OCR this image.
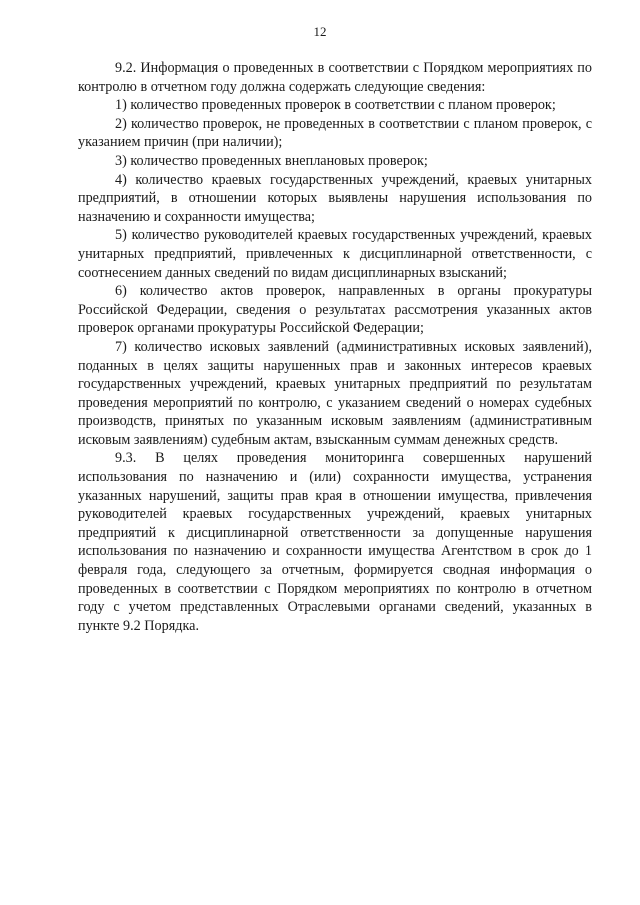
12

9.2. Информация о проведенных в соответствии с Порядком мероприятиях по контролю в отчетном году должна содержать следующие сведения:

1) количество проведенных проверок в соответствии с планом проверок;

2) количество проверок, не проведенных в соответствии с планом проверок, с указанием причин (при наличии);

3) количество проведенных внеплановых проверок;

4) количество краевых государственных учреждений, краевых унитарных предприятий, в отношении которых выявлены нарушения использования по назначению и сохранности имущества;

5) количество руководителей краевых государственных учреждений, краевых унитарных предприятий, привлеченных к дисциплинарной ответственности, с соотнесением данных сведений по видам дисциплинарных взысканий;

6) количество актов проверок, направленных в органы прокуратуры Российской Федерации, сведения о результатах рассмотрения указанных актов проверок органами прокуратуры Российской Федерации;

7) количество исковых заявлений (административных исковых заявлений), поданных в целях защиты нарушенных прав и законных интересов краевых государственных учреждений, краевых унитарных предприятий по результатам проведения мероприятий по контролю, с указанием сведений о номерах судебных производств, принятых по указанным исковым заявлениям (административным исковым заявлениям) судебным актам, взысканным суммам денежных средств.

9.3. В целях проведения мониторинга совершенных нарушений использования по назначению и (или) сохранности имущества, устранения указанных нарушений, защиты прав края в отношении имущества, привлечения руководителей краевых государственных учреждений, краевых унитарных предприятий к дисциплинарной ответственности за допущенные нарушения использования по назначению и сохранности имущества Агентством в срок до 1 февраля года, следующего за отчетным, формируется сводная информация о проведенных в соответствии с Порядком мероприятиях по контролю в отчетном году с учетом представленных Отраслевыми органами сведений, указанных в пункте 9.2 Порядка.
